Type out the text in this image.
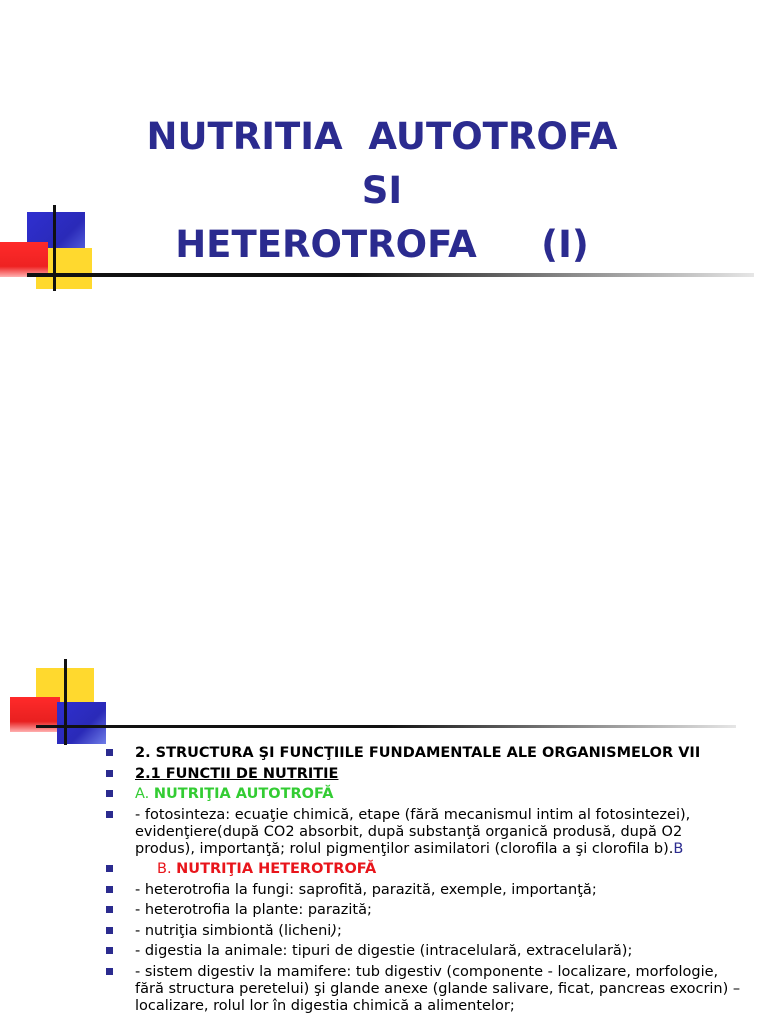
NUTRITIA  AUTOTROFA
SI
HETEROTROFA     (I)
2. STRUCTURA ŞI FUNCŢIILE FUNDAMENTALE ALE ORGANISMELOR VII
2.1 FUNCTII DE NUTRITIE
A. NUTRIŢIA AUTOTROFĂ
- fotosinteza: ecuaţie chimică, etape (fără mecanismul intim al fotosintezei), evidenţiere(după CO2 absorbit, după substanţă organică produsă, după O2 produs), importanţă; rolul pigmenţilor asimilatori (clorofila a şi clorofila b).B
B. NUTRIŢIA HETEROTROFĂ
- heterotrofia la fungi: saprofită, parazită, exemple, importanţă;
- heterotrofia la plante: parazită;
- nutriţia simbiontă (licheni);
- digestia la animale: tipuri de digestie (intracelulară, extracelulară);
- sistem digestiv la mamifere: tub digestiv (componente - localizare, morfologie, fără structura peretelui) şi glande anexe (glande salivare, ficat, pancreas exocrin) – localizare, rolul lor în digestia chimică a alimentelor;
